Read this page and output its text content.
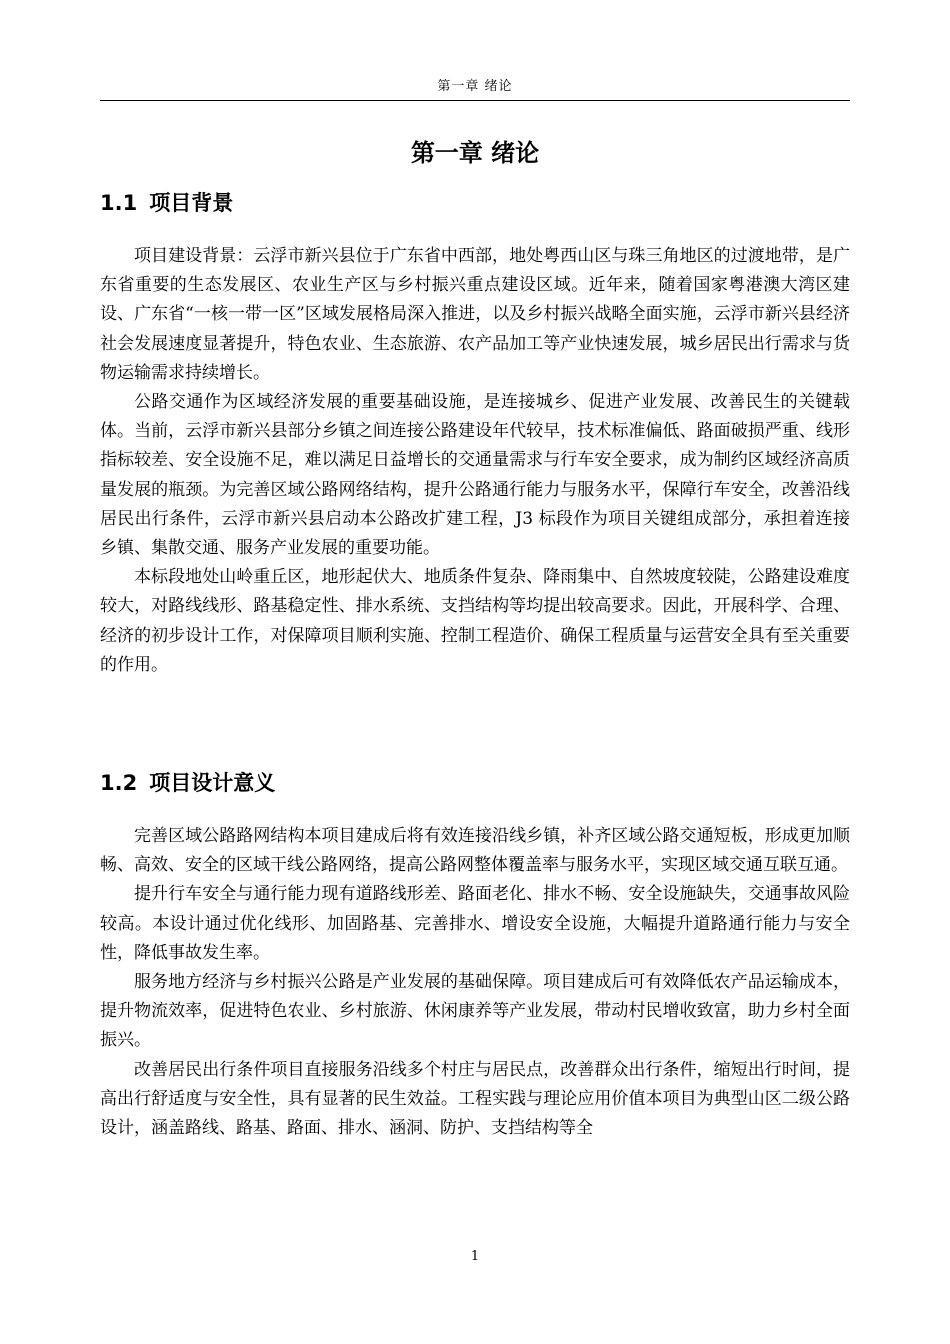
第一章 绪论
第一章 绪论
1.1 项目背景

项目建设背景：云浮市新兴县位于广东省中西部，地处粤西山区与珠三角地区的过渡地带，是广东省重要的生态发展区、农业生产区与乡村振兴重点建设区域。近年来，随着国家粤港澳大湾区建设、广东省“一核一带一区”区域发展格局深入推进，以及乡村振兴战略全面实施，云浮市新兴县经济社会发展速度显著提升，特色农业、生态旅游、农产品加工等产业快速发展，城乡居民出行需求与货物运输需求持续增长。

公路交通作为区域经济发展的重要基础设施，是连接城乡、促进产业发展、改善民生的关键载体。当前，云浮市新兴县部分乡镇之间连接公路建设年代较早，技术标准偏低、路面破损严重、线形指标较差、安全设施不足，难以满足日益增长的交通量需求与行车安全要求，成为制约区域经济高质量发展的瓶颈。为完善区域公路网络结构，提升公路通行能力与服务水平，保障行车安全，改善沿线居民出行条件，云浮市新兴县启动本公路改扩建工程，J3 标段作为项目关键组成部分，承担着连接乡镇、集散交通、服务产业发展的重要功能。

本标段地处山岭重丘区，地形起伏大、地质条件复杂、降雨集中、自然坡度较陡，公路建设难度较大，对路线线形、路基稳定性、排水系统、支挡结构等均提出较高要求。因此，开展科学、合理、经济的初步设计工作，对保障项目顺利实施、控制工程造价、确保工程质量与运营安全具有至关重要的作用。

1.2 项目设计意义

完善区域公路路网结构本项目建成后将有效连接沿线乡镇，补齐区域公路交通短板，形成更加顺畅、高效、安全的区域干线公路网络，提高公路网整体覆盖率与服务水平，实现区域交通互联互通。

提升行车安全与通行能力现有道路线形差、路面老化、排水不畅、安全设施缺失，交通事故风险较高。本设计通过优化线形、加固路基、完善排水、增设安全设施，大幅提升道路通行能力与安全性，降低事故发生率。

服务地方经济与乡村振兴公路是产业发展的基础保障。项目建成后可有效降低农产品运输成本，提升物流效率，促进特色农业、乡村旅游、休闲康养等产业发展，带动村民增收致富，助力乡村全面振兴。

改善居民出行条件项目直接服务沿线多个村庄与居民点，改善群众出行条件，缩短出行时间，提高出行舒适度与安全性，具有显著的民生效益。工程实践与理论应用价值本项目为典型山区二级公路设计，涵盖路线、路基、路面、排水、涵洞、防护、支挡结构等全

1
